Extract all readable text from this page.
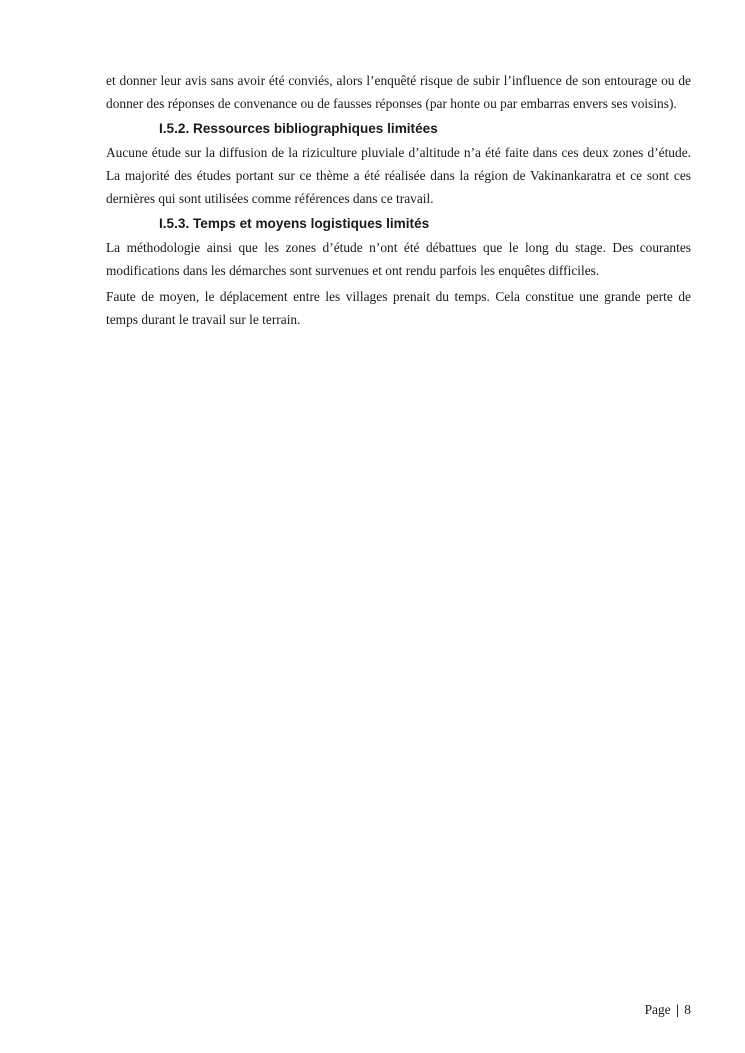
et donner leur avis sans avoir été conviés, alors l’enquêté risque de subir l’influence de son entourage ou de donner des réponses de convenance ou de fausses réponses (par honte ou par embarras envers ses voisins).

I.5.2. Ressources bibliographiques limitées

Aucune étude sur la diffusion de la riziculture pluviale d’altitude n’a été faite dans ces deux zones d’étude. La majorité des études portant sur ce thème a été réalisée dans la région de Vakinankaratra et ce sont ces dernières qui sont utilisées comme références dans ce travail.

I.5.3. Temps et moyens logistiques limités

La méthodologie ainsi que les zones d’étude n’ont été débattues que le long du stage. Des courantes modifications dans les démarches sont survenues et ont rendu parfois les enquêtes difficiles.

Faute de moyen, le déplacement entre les villages prenait du temps. Cela constitue une grande perte de temps durant le travail sur le terrain.

Page | 8
